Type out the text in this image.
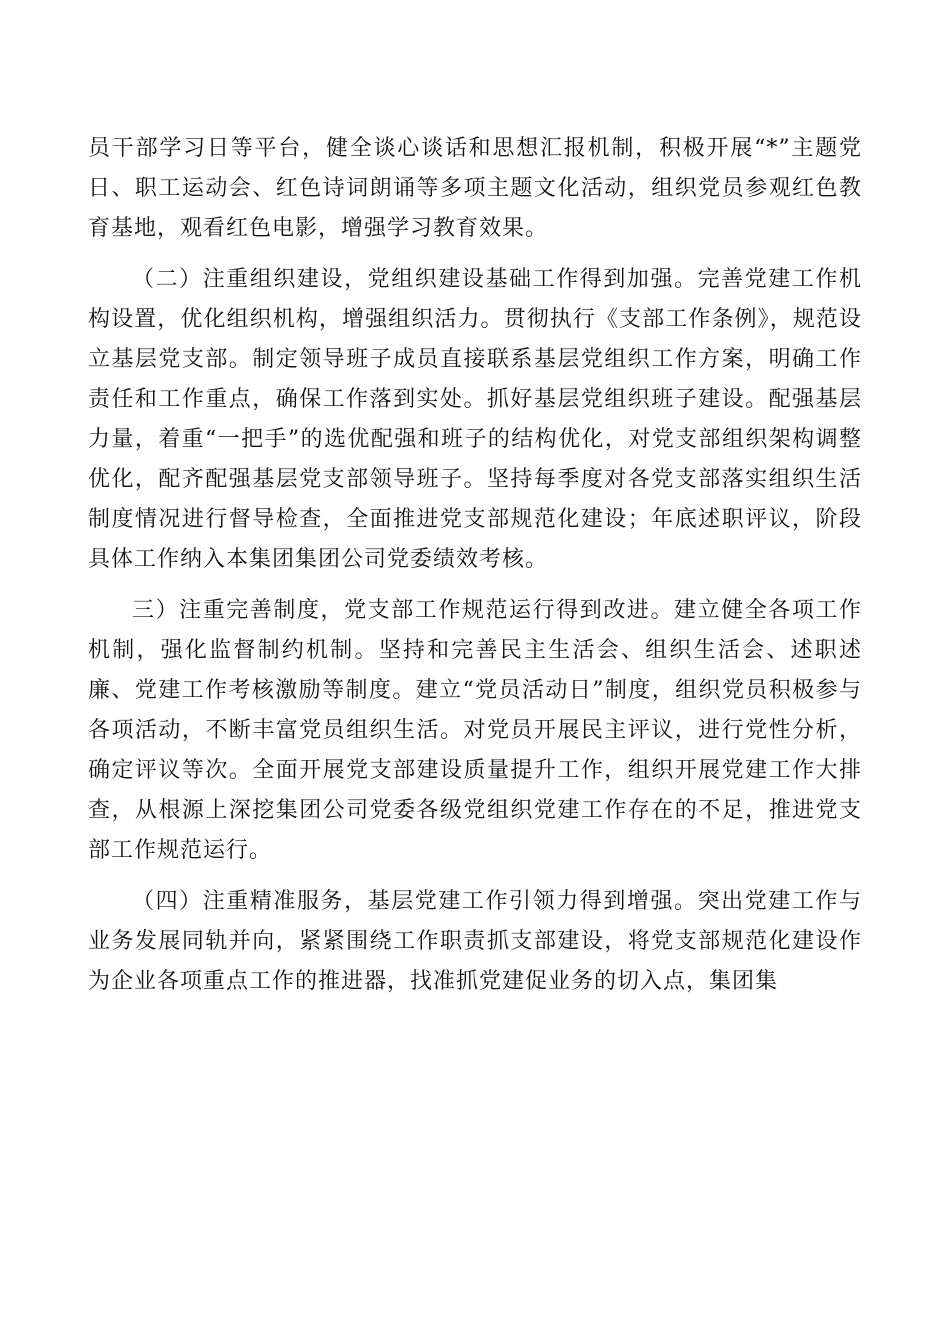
员干部学习日等平台，健全谈心谈话和思想汇报机制，积极开展“*”主题党日、职工运动会、红色诗词朗诵等多项主题文化活动，组织党员参观红色教育基地，观看红色电影，增强学习教育效果。

（二）注重组织建设，党组织建设基础工作得到加强。完善党建工作机构设置，优化组织机构，增强组织活力。贯彻执行《支部工作条例》，规范设立基层党支部。制定领导班子成员直接联系基层党组织工作方案，明确工作责任和工作重点，确保工作落到实处。抓好基层党组织班子建设。配强基层力量，着重“一把手”的选优配强和班子的结构优化，对党支部组织架构调整优化，配齐配强基层党支部领导班子。坚持每季度对各党支部落实组织生活制度情况进行督导检查，全面推进党支部规范化建设；年底述职评议，阶段具体工作纳入本集团集团公司党委绩效考核。

三）注重完善制度，党支部工作规范运行得到改进。建立健全各项工作机制，强化监督制约机制。坚持和完善民主生活会、组织生活会、述职述廉、党建工作考核激励等制度。建立“党员活动日”制度，组织党员积极参与各项活动，不断丰富党员组织生活。对党员开展民主评议，进行党性分析，确定评议等次。全面开展党支部建设质量提升工作，组织开展党建工作大排查，从根源上深挖集团公司党委各级党组织党建工作存在的不足，推进党支部工作规范运行。

（四）注重精准服务，基层党建工作引领力得到增强。突出党建工作与业务发展同轨并向，紧紧围绕工作职责抓支部建设，将党支部规范化建设作为企业各项重点工作的推进器，找准抓党建促业务的切入点，集团集
